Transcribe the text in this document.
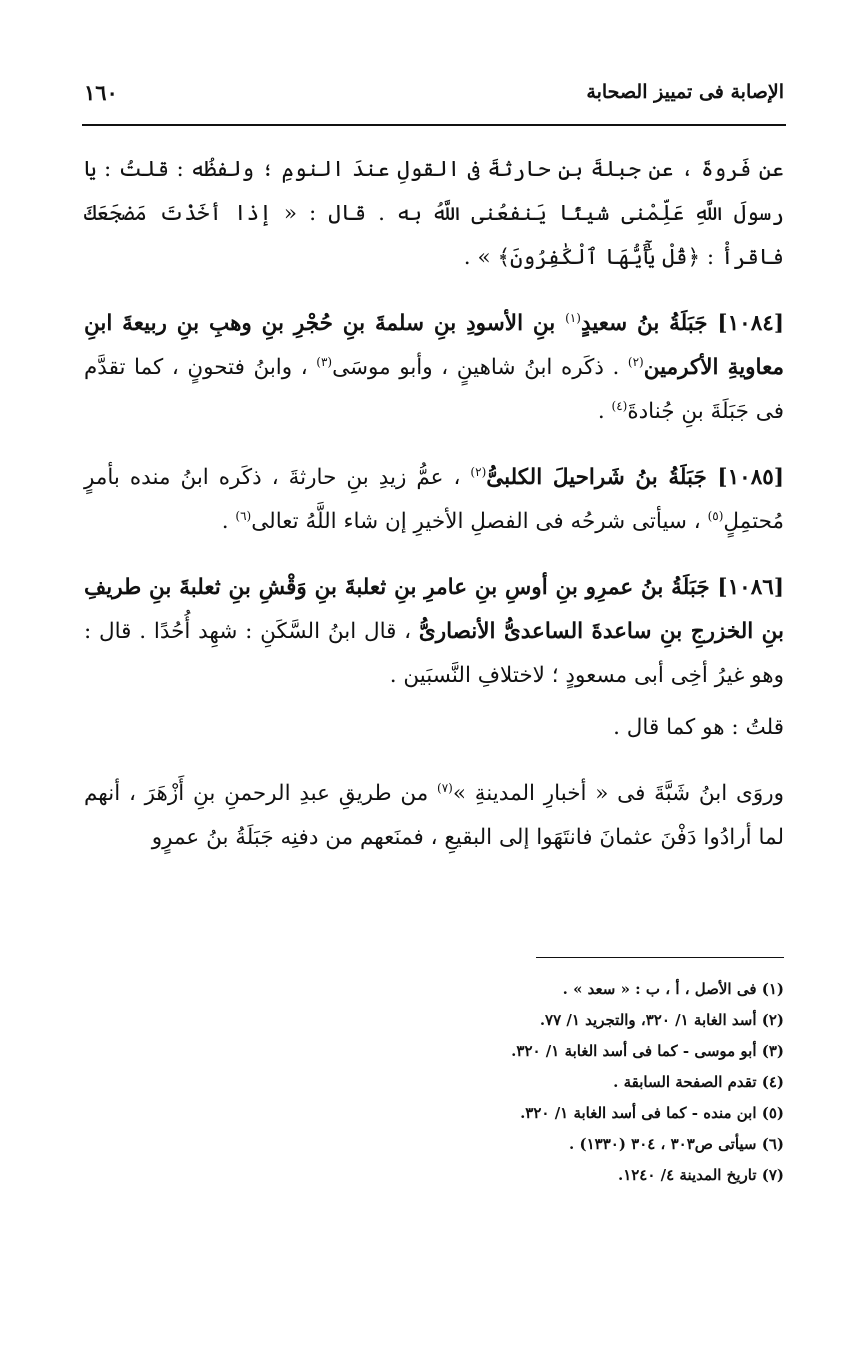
١٦٠	الإصابة فى تمييز الصحابة

عن فَروةَ ، عن جبلةَ بنِ حارثةَ فى القولِ عندَ النومِ ؛ ولفظُه : قلتُ : يا رسولَ اللَّهِ عَلِّمْنى شيئًا يَنفعُنى اللَّهُ به . قال : « إذا أخَذْتَ مَضجَعَكَ فاقرأْ : ﴿قُلْ يَٰٓأَيُّهَا ٱلْكَٰفِرُونَ﴾ » .

[١٠٨٤] جَبَلَةُ بنُ سعيدٍ$^{(١)}$ بنِ الأسودِ بنِ سلمةَ بنِ حُجْرِ بنِ وهبِ بنِ ربيعةَ ابنِ معاويةِ الأكرمين$^{(٢)}$ . ذكَره ابنُ شاهينٍ ، وأبو موسَى$^{(٣)}$ ، وابنُ فتحونٍ ، كما تقدَّم فى جَبَلَةَ بنِ جُنادةَ$^{(٤)}$ .

[١٠٨٥] جَبَلَةُ بنُ شَراحيلَ الكلبىُّ$^{(٢)}$ ، عمُّ زيدِ بنِ حارثةَ ، ذكَره ابنُ منده بأمرٍ مُحتمِلٍ$^{(٥)}$ ، سيأتى شرحُه فى الفصلِ الأخيرِ إن شاء اللَّهُ تعالى$^{(٦)}$ .

[١٠٨٦] جَبَلَةُ بنُ عمرِو بنِ أوسِ بنِ عامرِ بنِ ثعلبةَ بنِ وَقْشِ بنِ ثعلبةَ بنِ طريفِ بنِ الخزرجِ بنِ ساعدةَ الساعدىُّ الأنصارىُّ ، قال ابنُ السَّكَنِ : شهِد أُحُدًا . قال : وهو غيرُ أخِى أبى مسعودٍ ؛ لاختلافِ النَّسبَين .

قلتُ : هو كما قال .

وروَى ابنُ شَبَّةَ فى « أخبارِ المدينةِ »$^{(٧)}$ من طريقِ عبدِ الرحمنِ بنِ أَزْهَرَ ، أنهم لما أرادُوا دَفْنَ عثمانَ فانتَهَوا إلى البقيعِ ، فمنَعهم من دفنِه جَبَلَةُ بنُ عمرٍو

(١) فى الأصل ، أ ، ب : « سعد » .

(٢) أسد الغابة ١/ ٣٢٠، والتجريد ١/ ٧٧.

(٣) أبو موسى - كما فى أسد الغابة ١/ ٣٢٠.

(٤) تقدم الصفحة السابقة .

(٥) ابن منده - كما فى أسد الغابة ١/ ٣٢٠.

(٦) سيأتى ص٣٠٣ ، ٣٠٤ (١٣٣٠) .

(٧) تاريخ المدينة ٤/ ١٢٤٠.
